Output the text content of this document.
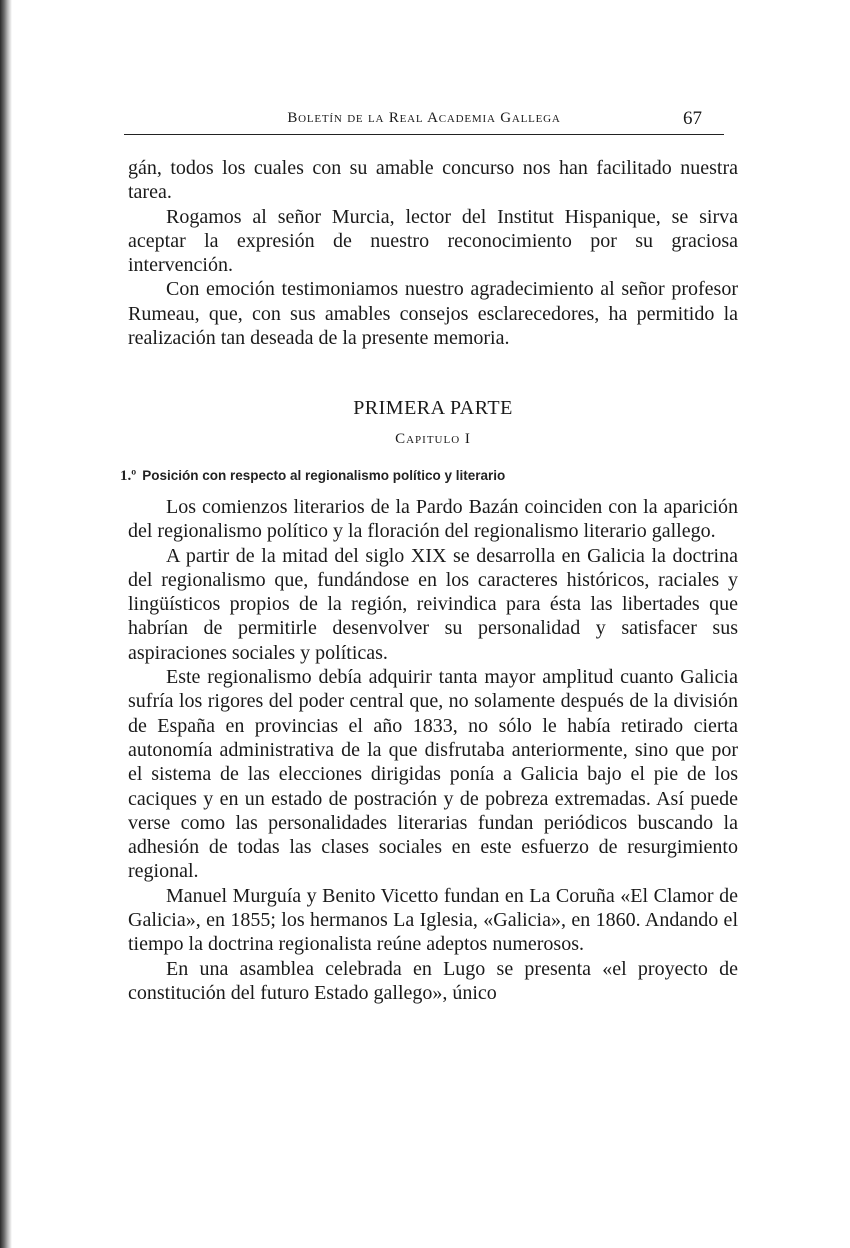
Boletín de la Real Academia Gallega	67

gán, todos los cuales con su amable concurso nos han facilitado nuestra tarea.

Rogamos al señor Murcia, lector del Institut Hispanique, se sirva aceptar la expresión de nuestro reconocimiento por su graciosa intervención.

Con emoción testimoniamos nuestro agradecimiento al señor profesor Rumeau, que, con sus amables consejos esclarecedores, ha permitido la realización tan deseada de la presente memoria.

PRIMERA PARTE
Capitulo I
1.º Posición con respecto al regionalismo político y literario

Los comienzos literarios de la Pardo Bazán coinciden con la aparición del regionalismo político y la floración del regionalismo literario gallego.

A partir de la mitad del siglo XIX se desarrolla en Galicia la doctrina del regionalismo que, fundándose en los caracteres históricos, raciales y lingüísticos propios de la región, reivindica para ésta las libertades que habrían de permitirle desenvolver su personalidad y satisfacer sus aspiraciones sociales y políticas.

Este regionalismo debía adquirir tanta mayor amplitud cuanto Galicia sufría los rigores del poder central que, no solamente después de la división de España en provincias el año 1833, no sólo le había retirado cierta autonomía administrativa de la que disfrutaba anteriormente, sino que por el sistema de las elecciones dirigidas ponía a Galicia bajo el pie de los caciques y en un estado de postración y de pobreza extremadas. Así puede verse como las personalidades literarias fundan periódicos buscando la adhesión de todas las clases sociales en este esfuerzo de resurgimiento regional.

Manuel Murguía y Benito Vicetto fundan en La Coruña «El Clamor de Galicia», en 1855; los hermanos La Iglesia, «Galicia», en 1860. Andando el tiempo la doctrina regionalista reúne adeptos numerosos.

En una asamblea celebrada en Lugo se presenta «el proyecto de constitución del futuro Estado gallego», único
